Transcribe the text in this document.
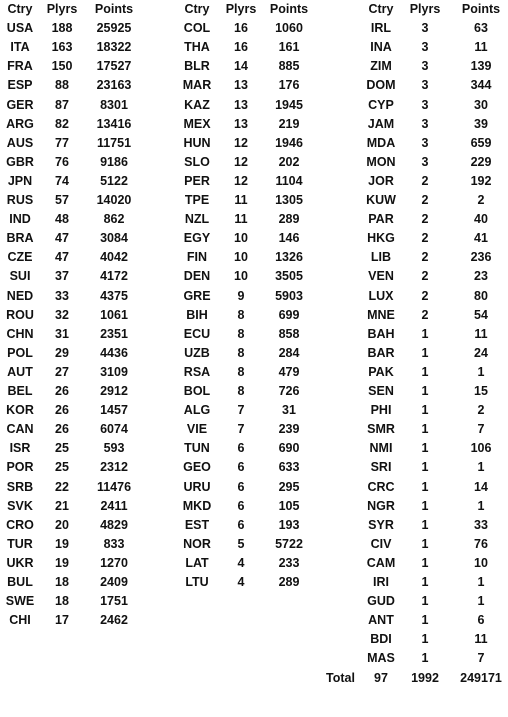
Ctry	Plyrs	Points
USA	188	25925
ITA	163	18322
FRA	150	17527
ESP	88	23163
GER	87	8301
ARG	82	13416
AUS	77	11751
GBR	76	9186
JPN	74	5122
RUS	57	14020
IND	48	862
BRA	47	3084
CZE	47	4042
SUI	37	4172
NED	33	4375
ROU	32	1061
CHN	31	2351
POL	29	4436
AUT	27	3109
BEL	26	2912
KOR	26	1457
CAN	26	6074
ISR	25	593
POR	25	2312
SRB	22	11476
SVK	21	2411
CRO	20	4829
TUR	19	833
UKR	19	1270
BUL	18	2409
SWE	18	1751
CHI	17	2462
Ctry	Plyrs	Points
COL	16	1060
THA	16	161
BLR	14	885
MAR	13	176
KAZ	13	1945
MEX	13	219
HUN	12	1946
SLO	12	202
PER	12	1104
TPE	11	1305
NZL	11	289
EGY	10	146
FIN	10	1326
DEN	10	3505
GRE	9	5903
BIH	8	699
ECU	8	858
UZB	8	284
RSA	8	479
BOL	8	726
ALG	7	31
VIE	7	239
TUN	6	690
GEO	6	633
URU	6	295
MKD	6	105
EST	6	193
NOR	5	5722
LAT	4	233
LTU	4	289
Ctry	Plyrs	Points
IRL	3	63
INA	3	11
ZIM	3	139
DOM	3	344
CYP	3	30
JAM	3	39
MDA	3	659
MON	3	229
JOR	2	192
KUW	2	2
PAR	2	40
HKG	2	41
LIB	2	236
VEN	2	23
LUX	2	80
MNE	2	54
BAH	1	11
BAR	1	24
PAK	1	1
SEN	1	15
PHI	1	2
SMR	1	7
NMI	1	106
SRI	1	1
CRC	1	14
NGR	1	1
SYR	1	33
CIV	1	76
CAM	1	10
IRI	1	1
GUD	1	1
ANT	1	6
BDI	1	11
MAS	1	7
Total	97	1992	249171
